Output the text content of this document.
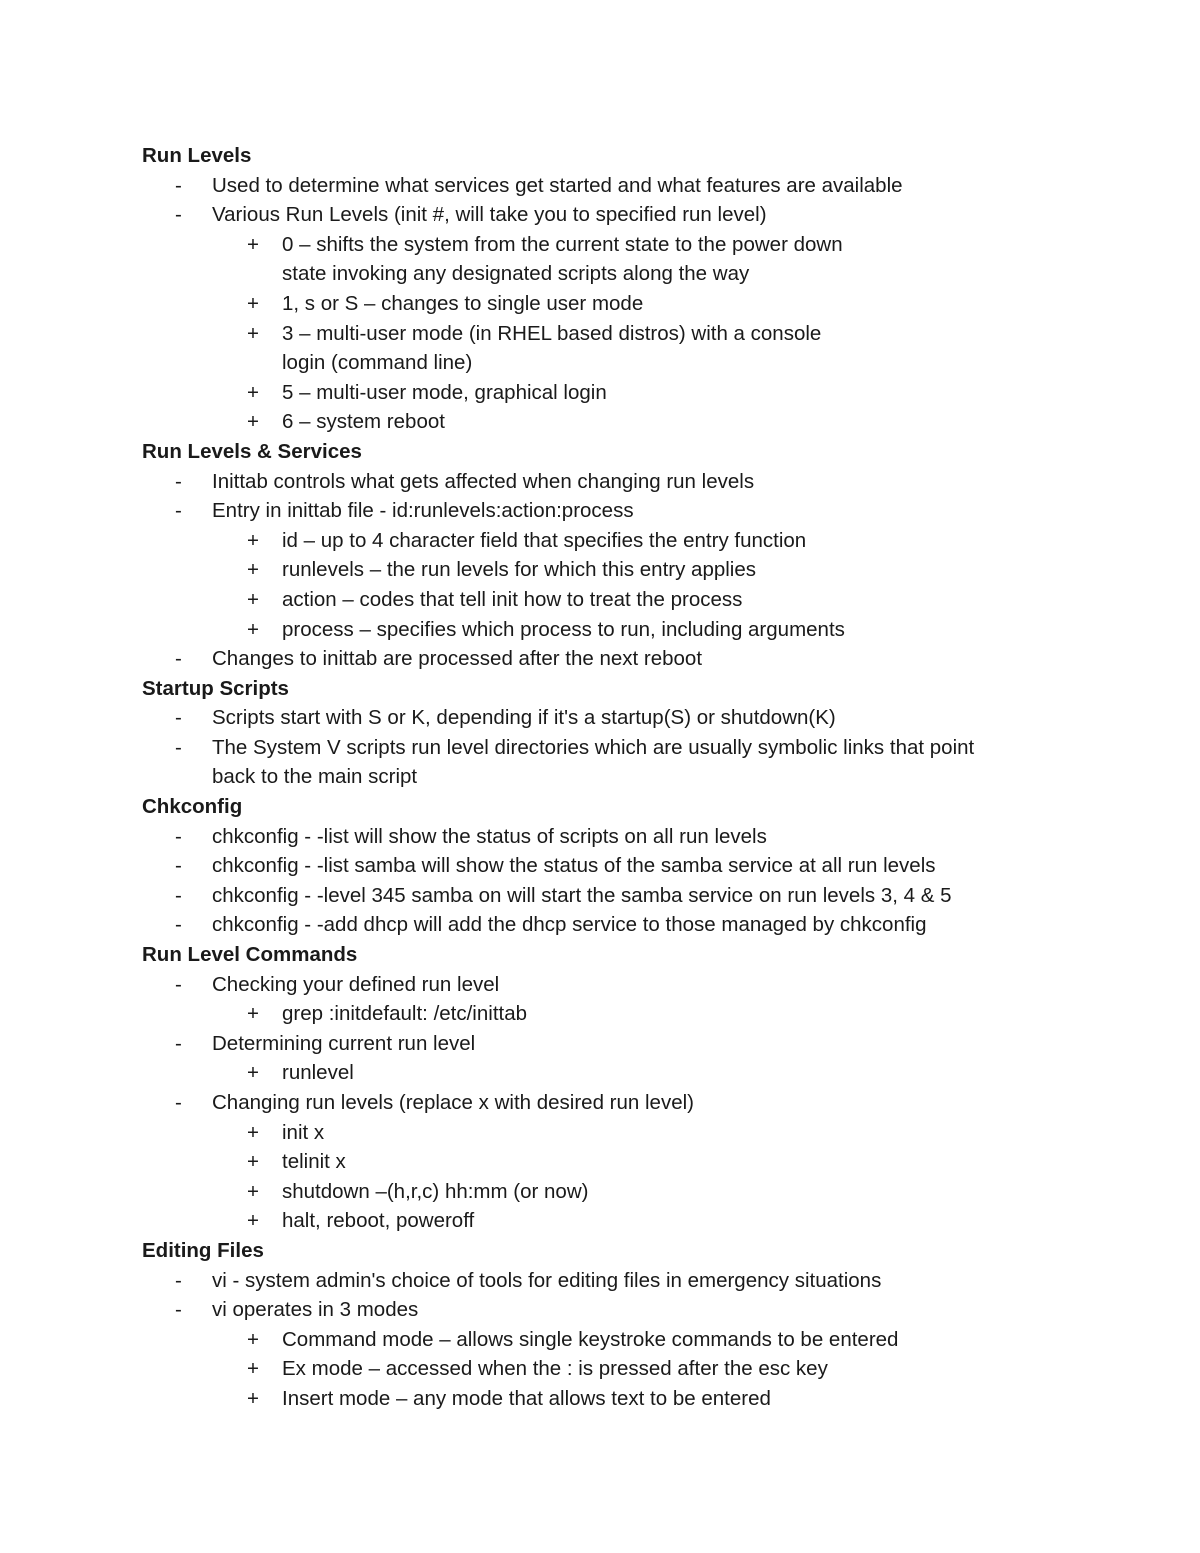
Run Levels
-	Used to determine what services get started and what features are available
-	Various Run Levels (init #, will take you to specified run level)
+	0 – shifts the system from the current state to the power down
state invoking any designated scripts along the way
+	1, s or S – changes to single user mode
+	3 – multi-user mode (in RHEL based distros) with a console
login (command line)
+	5 – multi-user mode, graphical login
+	6 – system reboot
Run Levels & Services
-	Inittab controls what gets affected when changing run levels
-	Entry in inittab file - id:runlevels:action:process
+	id – up to 4 character field that specifies the entry function
+	runlevels – the run levels for which this entry applies
+	action – codes that tell init how to treat the process
+	process – specifies which process to run, including arguments
-	Changes to inittab are processed after the next reboot
Startup Scripts
-	Scripts start with S or K, depending if it's a startup(S) or shutdown(K)
-	The System V scripts run level directories which are usually symbolic links that point
back to the main script
Chkconfig
-	chkconfig - -list will show the status of scripts on all run levels
-	chkconfig - -list samba will show the status of the samba service at all run levels
-	chkconfig - -level 345 samba on will start the samba service on run levels 3, 4 & 5
-	chkconfig - -add dhcp will add the dhcp service to those managed by chkconfig
Run Level Commands
-	Checking your defined run level
+	grep :initdefault: /etc/inittab
-	Determining current run level
+	runlevel
-	Changing run levels (replace x with desired run level)
+	init x
+	telinit x
+	shutdown –(h,r,c) hh:mm (or now)
+	halt, reboot, poweroff
Editing Files
-	vi - system admin's choice of tools for editing files in emergency situations
-	vi operates in 3 modes
+	Command mode – allows single keystroke commands to be entered
+	Ex mode – accessed when the : is pressed after the esc key
+	Insert mode – any mode that allows text to be entered
